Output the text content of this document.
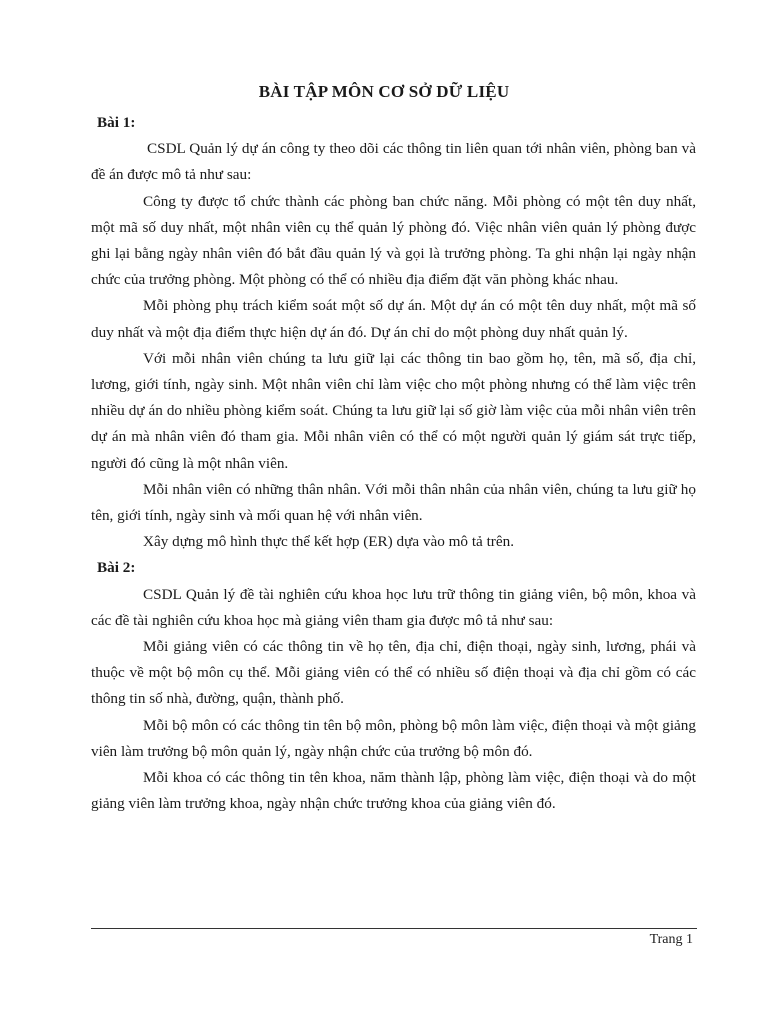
BÀI TẬP MÔN CƠ SỞ DỮ LIỆU

Bài 1:

CSDL Quản lý dự án công ty theo dõi các thông tin liên quan tới nhân viên, phòng ban và đề án được mô tả như sau:

Công ty được tổ chức thành các phòng ban chức năng. Mỗi phòng có một tên duy nhất, một mã số duy nhất, một nhân viên cụ thể quản lý phòng đó. Việc nhân viên quản lý phòng được ghi lại bằng ngày nhân viên đó bắt đầu quản lý và gọi là trưởng phòng. Ta ghi nhận lại ngày nhận chức của trưởng phòng. Một phòng có thể có nhiều địa điểm đặt văn phòng khác nhau.

Mỗi phòng phụ trách kiểm soát một số dự án. Một dự án có một tên duy nhất, một mã số duy nhất và một địa điểm thực hiện dự án đó. Dự án chỉ do một phòng duy nhất quản lý.

Với mỗi nhân viên chúng ta lưu giữ lại các thông tin bao gồm họ, tên, mã số, địa chỉ, lương, giới tính, ngày sinh. Một nhân viên chỉ làm việc cho một phòng nhưng có thể làm việc trên nhiều dự án do nhiều phòng kiểm soát. Chúng ta lưu giữ lại số giờ làm việc của mỗi nhân viên trên dự án mà nhân viên đó tham gia. Mỗi nhân viên có thể có một người quản lý giám sát trực tiếp, người đó cũng là một nhân viên.

Mỗi nhân viên có những thân nhân. Với mỗi thân nhân của nhân viên, chúng ta lưu giữ họ tên, giới tính, ngày sinh và mối quan hệ với nhân viên.

Xây dựng mô hình thực thể kết hợp (ER) dựa vào mô tả trên.

Bài 2:

CSDL Quản lý đề tài nghiên cứu khoa học lưu trữ thông tin giảng viên, bộ môn, khoa và các đề tài nghiên cứu khoa học mà giảng viên tham gia được mô tả như sau:

Mỗi giảng viên có các thông tin về họ tên, địa chỉ, điện thoại, ngày sinh, lương, phái và thuộc về một bộ môn cụ thể. Mỗi giảng viên có thể có nhiều số điện thoại và địa chỉ gồm có các thông tin số nhà, đường, quận, thành phố.

Mỗi bộ môn có các thông tin tên bộ môn, phòng bộ môn làm việc, điện thoại và một giảng viên làm trưởng bộ môn quản lý, ngày nhận chức của trưởng bộ môn đó.

Mỗi khoa có các thông tin tên khoa, năm thành lập, phòng làm việc, điện thoại và do một giảng viên làm trưởng khoa, ngày nhận chức trưởng khoa của giảng viên đó.

Trang 1
